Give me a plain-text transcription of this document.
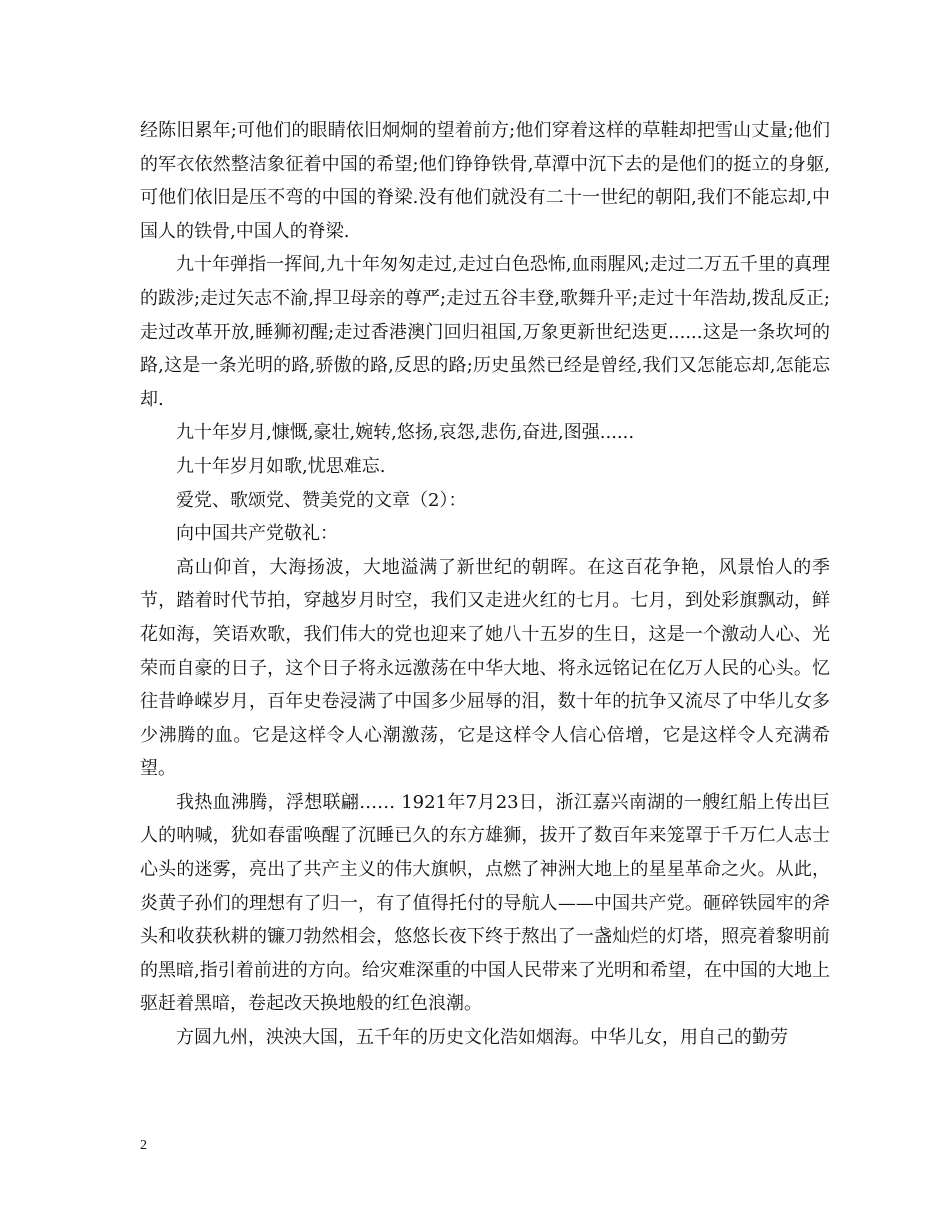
经陈旧累年;可他们的眼睛依旧炯炯的望着前方;他们穿着这样的草鞋却把雪山丈量;他们的军衣依然整洁象征着中国的希望;他们铮铮铁骨,草潭中沉下去的是他们的挺立的身躯,可他们依旧是压不弯的中国的脊梁.没有他们就没有二十一世纪的朝阳,我们不能忘却,中国人的铁骨,中国人的脊梁.

九十年弹指一挥间,九十年匆匆走过,走过白色恐怖,血雨腥风;走过二万五千里的真理的跋涉;走过矢志不渝,捍卫母亲的尊严;走过五谷丰登,歌舞升平;走过十年浩劫,拨乱反正;走过改革开放,睡狮初醒;走过香港澳门回归祖国,万象更新世纪迭更......这是一条坎坷的路,这是一条光明的路,骄傲的路,反思的路;历史虽然已经是曾经,我们又怎能忘却,怎能忘却.

九十年岁月,慷慨,豪壮,婉转,悠扬,哀怨,悲伤,奋进,图强......

九十年岁月如歌,忧思难忘.

爱党、歌颂党、赞美党的文章（2）：

向中国共产党敬礼：

高山仰首，大海扬波，大地溢满了新世纪的朝晖。在这百花争艳，风景怡人的季节，踏着时代节拍，穿越岁月时空，我们又走进火红的七月。七月，到处彩旗飘动，鲜花如海，笑语欢歌，我们伟大的党也迎来了她八十五岁的生日，这是一个激动人心、光荣而自豪的日子，这个日子将永远激荡在中华大地、将永远铭记在亿万人民的心头。忆往昔峥嵘岁月，百年史卷浸满了中国多少屈辱的泪，数十年的抗争又流尽了中华儿女多少沸腾的血。它是这样令人心潮激荡，它是这样令人信心倍增，它是这样令人充满希望。

我热血沸腾，浮想联翩…… 1921年7月23日，浙江嘉兴南湖的一艘红船上传出巨人的呐喊，犹如春雷唤醒了沉睡已久的东方雄狮，拔开了数百年来笼罩于千万仁人志士心头的迷雾，亮出了共产主义的伟大旗帜，点燃了神洲大地上的星星革命之火。从此，炎黄子孙们的理想有了归一，有了值得托付的导航人——中国共产党。砸碎铁园牢的斧头和收获秋耕的镰刀勃然相会，悠悠长夜下终于熬出了一盏灿烂的灯塔，照亮着黎明前的黑暗,指引着前进的方向。给灾难深重的中国人民带来了光明和希望，在中国的大地上驱赶着黑暗，卷起改天换地般的红色浪潮。

方圆九州，泱泱大国，五千年的历史文化浩如烟海。中华儿女，用自己的勤劳

2
